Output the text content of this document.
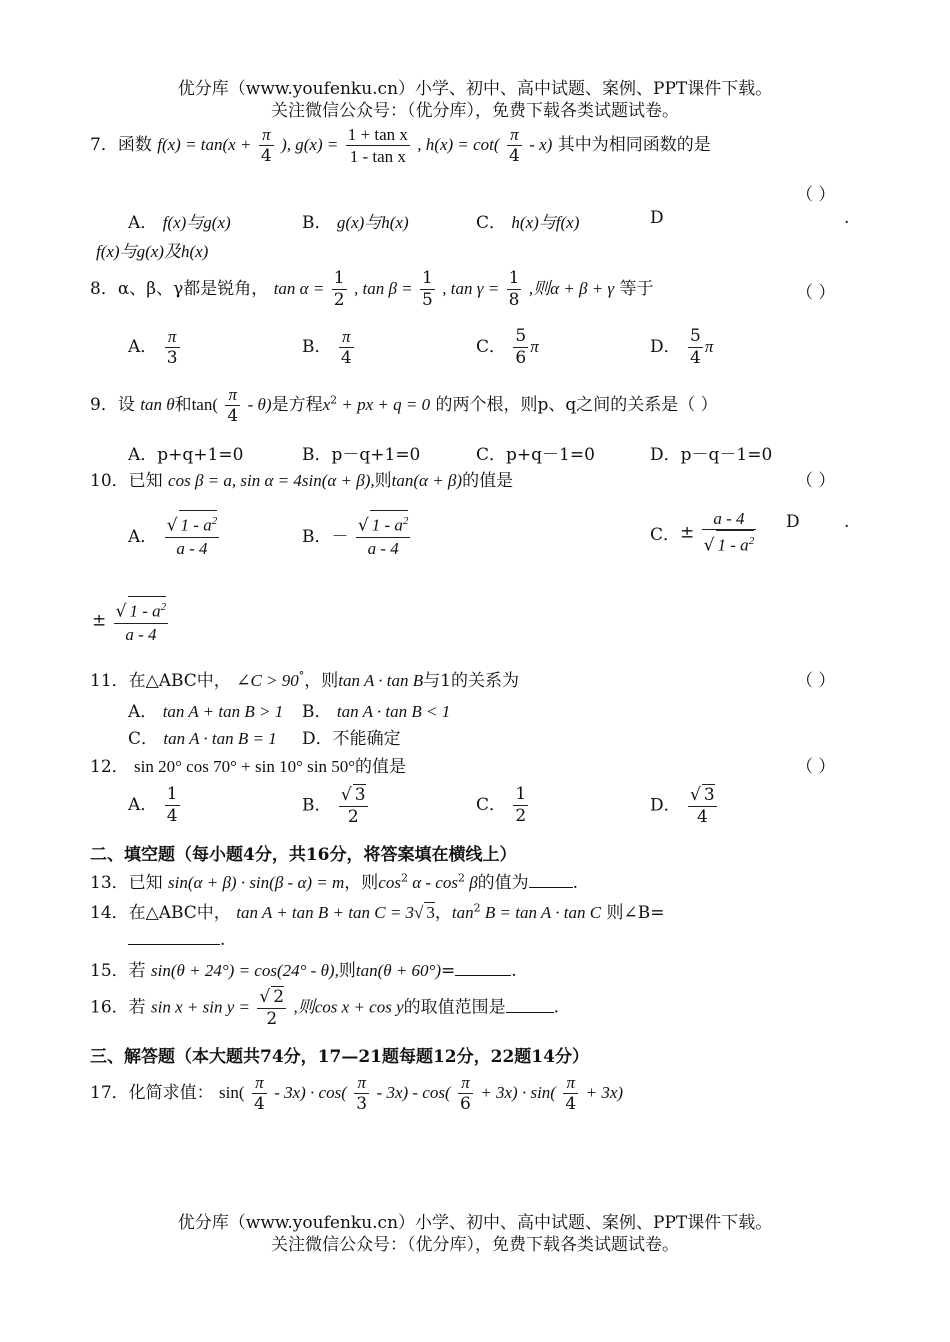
优分库（www.youfenku.cn）小学、初中、高中试题、案例、PPT课件下载。
关注微信公众号：（优分库），免费下载各类试题试卷。
7．函数 $f(x) = \tan(x + \frac{\pi}{4}$ ), $g(x) = \frac{\text{1 + tan x}}{\text{1 - tan x}}$ , $h(x) = \cot( \frac{\pi}{4} - x)$ 其中为相同函数的是
（ ）
A． f(x)与g(x)	B． g(x)与h(x)	C． h(x)与f(x)	D	.
f(x)与g(x)及h(x)
8．α、β、γ都是锐角， $\tan \alpha = \frac{1}{2}$ , $\tan \beta = \frac{1}{5}$ , $\tan \gamma = \frac{1}{8}$ ,则α + β + γ 等于	（ ）
A． $\frac{\pi}{3}$	B． $\frac{\pi}{4}$	C． $\frac{5}{6}$ π	D． $\frac{5}{4}$ π
9．设 tan θ和$\tan( \frac{\pi}{4} - \theta)$是方程$x^2$ + px + q = 0 的两个根，则p、q之间的关系是（ ）
A．p+q+1=0	B．p－q+1=0	C．p+q－1=0	D．p－q－1=0
10．已知 cos β = a, sin α = 4sin(α + β),则tan(α + β)的值是	（ ）
A． $\frac{√ 1 - a^2}{a - 4}$	B．－ $\frac{√ 1 - a^2}{a - 4}$	C．± $\frac{a - 4}{√ 1 - a^2}$ D	.
± $\frac{√ 1 - a^2}{a - 4}$
11．在△ABC中， ∠C > 90°，则tan A · tan B与1的关系为	（ ）
A． tan A + tan B > 1 B． tan A · tan B < 1
C． tan A · tan B = 1 D．不能确定
12． sin 20° cos 70° + sin 10° sin 50°的值是	（ ）
A． $\frac{1}{4}$	B． $\frac{√ 3}{2}$	C． $\frac{1}{2}$	D． $\frac{√ 3}{4}$
二、填空题（每小题4分，共16分，将答案填在横线上）
13．已知 sin(α + β) · sin(β - α) = m，则$\cos^2 \alpha - \cos^2 \beta$的值为	.
14．在△ABC中， tan A + tan B + tan C = 3√ 3，$\tan^2 B = \tan A \cdot \tan C$ 则∠B=
.
15．若 sin(θ + 24°) = cos(24° - θ),则tan(θ + 60°)=	.
16．若 $\sin x + \sin y = \frac{√ 2}{2}$ ,则cos x + cos y的取值范围是	.
三、解答题（本大题共74分，17—21题每题12分，22题14分）
17．化简求值： $\sin( \frac{\pi}{4} - 3x) \cdot \cos( \frac{\pi}{3} - 3x) - \cos( \frac{\pi}{6} + 3x) \cdot \sin( \frac{\pi}{4} + 3x)$
优分库（www.youfenku.cn）小学、初中、高中试题、案例、PPT课件下载。
关注微信公众号：（优分库），免费下载各类试题试卷。
